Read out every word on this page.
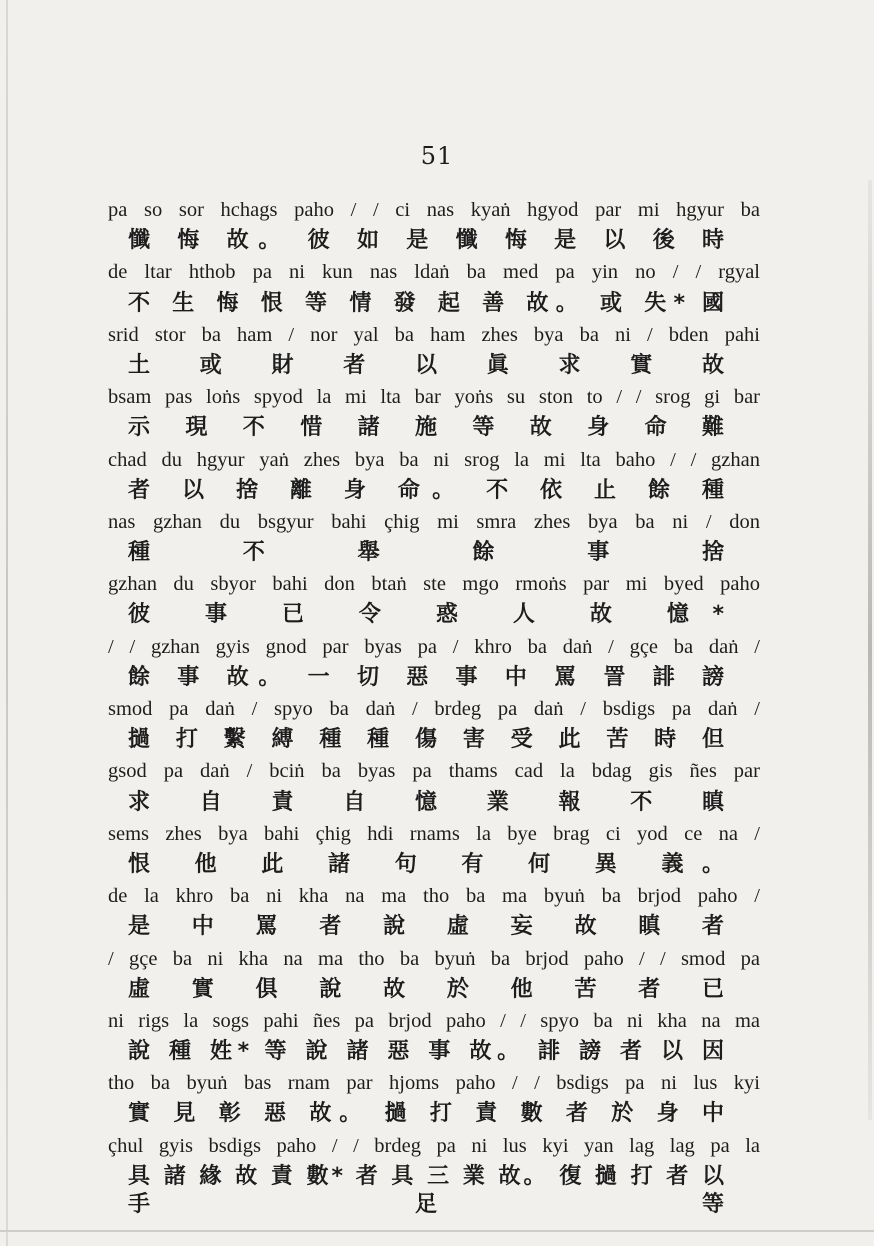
51
pa so sor hchags paho / / ci nas kyaṅ hgyod par mi hgyur ba
懺 悔 故。 彼 如 是 懺 悔 是 以 後 時
de ltar hthob pa ni kun nas ldaṅ ba med pa yin no / / rgyal
不 生 悔 恨 等 情 發 起 善 故。 或 失* 國
srid stor ba ham / nor yal ba ham zhes bya ba ni / bden pahi
土 或 財 者 以 眞 求 實 故
bsam pas loṅs spyod la mi lta bar yoṅs su ston to / / srog gi bar
示 現 不 惜 諸 施 等 故 身 命 難
chad du hgyur yaṅ zhes bya ba ni srog la mi lta baho / / gzhan
者 以 捨 離 身 命。 不 依 止 餘 種
nas gzhan du bsgyur bahi çhig mi smra zhes bya ba ni / don
種 不 舉 餘 事 捨
gzhan du sbyor bahi don btaṅ ste mgo rmoṅs par mi byed paho
彼 事 已 令 惑 人 故 憶*
/ / gzhan gyis gnod par byas pa / khro ba daṅ / gçe ba daṅ /
餘 事 故。 一 切 惡 事 中 罵 詈 誹 謗
smod pa daṅ / spyo ba daṅ / brdeg pa daṅ / bsdigs pa daṅ /
撾 打 繫 縛 種 種 傷 害 受 此 苦 時 但
gsod pa daṅ / bciṅ ba byas pa thams cad la bdag gis ñes par
求 自 責 自 憶 業 報 不 瞋
sems zhes bya bahi çhig hdi rnams la bye brag ci yod ce na /
恨 他 此 諸 句 有 何 異 義。
de la khro ba ni kha na ma tho ba ma byuṅ ba brjod paho /
是 中 罵 者 說 虛 妄 故 瞋 者
/ gçe ba ni kha na ma tho ba byuṅ ba brjod paho / / smod pa
虛 實 俱 說 故 於 他 苦 者 已
ni rigs la sogs pahi ñes pa brjod paho / / spyo ba ni kha na ma
說 種 姓* 等 說 諸 惡 事 故。 誹 謗 者 以 因
tho ba byuṅ bas rnam par hjoms paho / / bsdigs pa ni lus kyi
實 見 彰 惡 故。 撾 打 責 數 者 於 身 中
çhul gyis bsdigs paho / / brdeg pa ni lus kyi yan lag lag pa la
具 諸 緣 故 責 數* 者 具 三 業 故。 復 撾 打 者 以 手 足 等
